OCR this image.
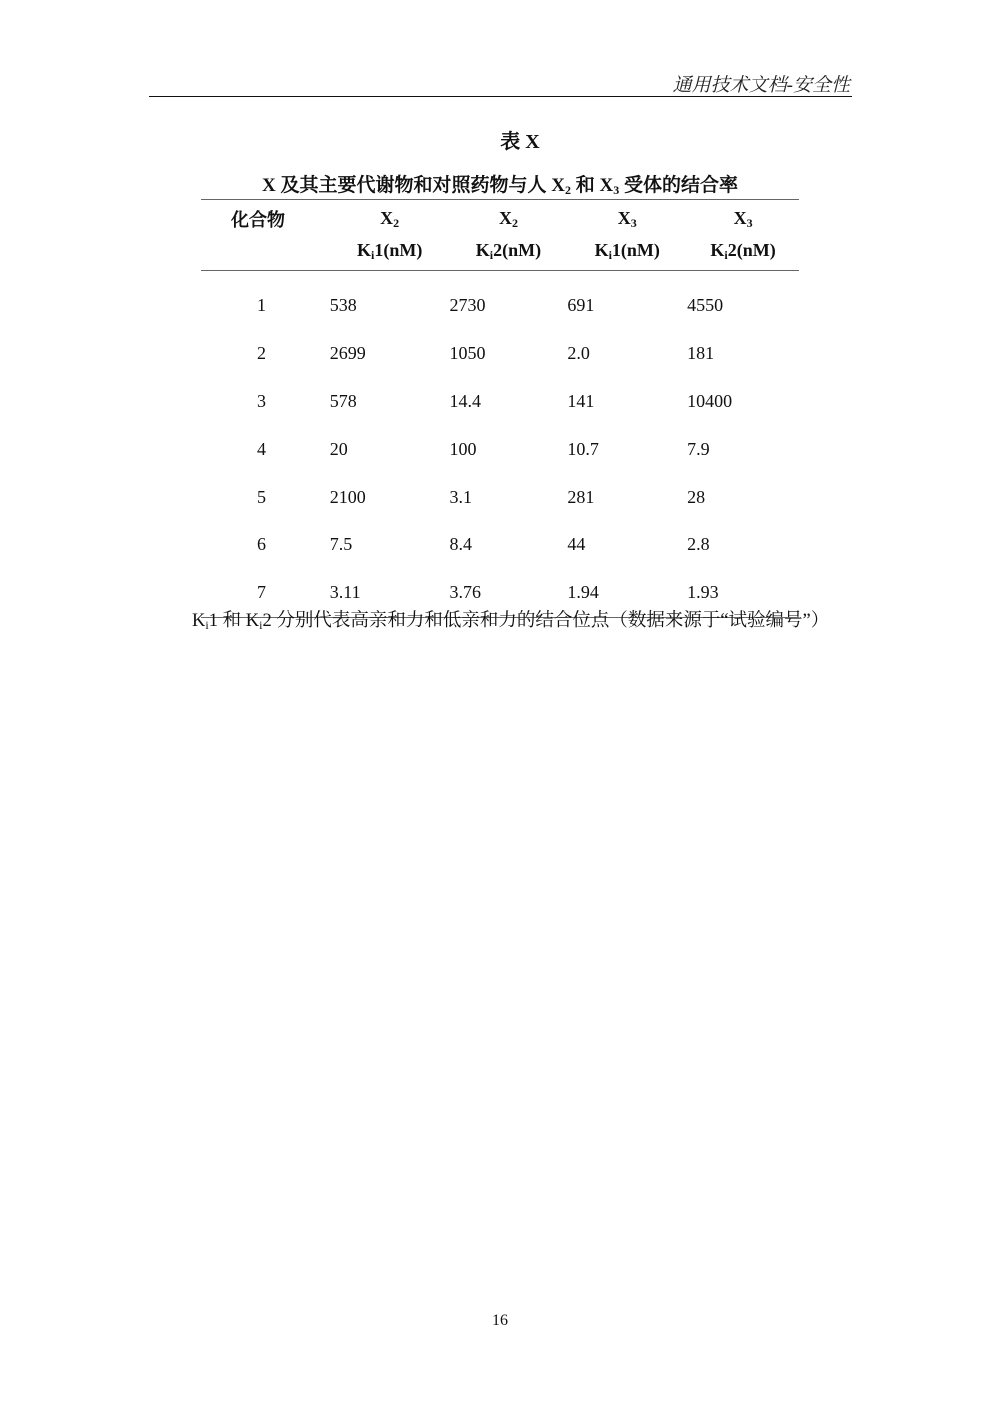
通用技术文档-安全性
表 X
X 及其主要代谢物和对照药物与人 $X_2$ 和 $X_3$ 受体的结合率
化合物	$X_2$	$X_2$	$X_3$	$X_3$
	$K_i1(nM)$	$K_i2(nM)$	$K_i1(nM)$	$K_i2(nM)$
1	538	2730	691	4550
2	2699	1050	2.0	181
3	578	14.4	141	10400
4	20	100	10.7	7.9
5	2100	3.1	281	28
6	7.5	8.4	44	2.8
7	3.11	3.76	1.94	1.93
$K_i1$ 和 $K_i2$ 分别代表高亲和力和低亲和力的结合位点（数据来源于“试验编号”）
16
